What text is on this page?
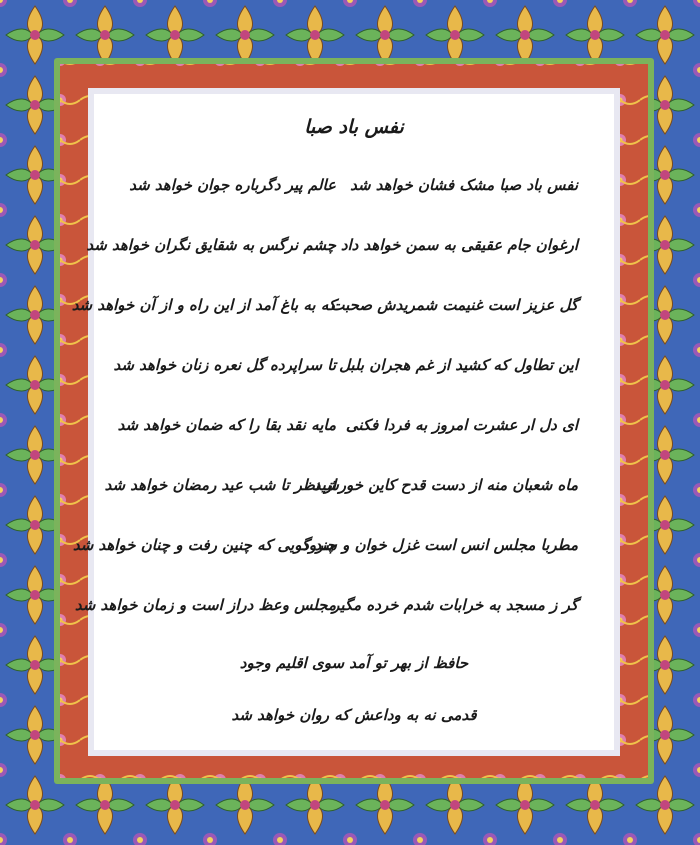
نفس باد صبا
نفس باد صبا مشک فشان خواهد شد
عالم پیر دگرباره جوان خواهد شد
ارغوان جام عقیقی به سمن خواهد داد
چشم نرگس به شقایق نگران خواهد شد
گل عزیز است غنیمت شمریدش صحبت
که به باغ آمد از این راه و از آن خواهد شد
این تطاول که کشید از غم هجران بلبل
تا سراپرده گل نعره زنان خواهد شد
ای دل ار عشرت امروز به فردا فکنی
مایه نقد بقا را که ضمان خواهد شد
ماه شعبان منه از دست قدح کاین خورشید
از نظر تا شب عید رمضان خواهد شد
مطربا مجلس انس است غزل خوان و سرود
چند گویی که چنین رفت و چنان خواهد شد
گر ز مسجد به خرابات شدم خرده مگیر
مجلس وعظ دراز است و زمان خواهد شد
حافظ از بهر تو آمد سوی اقلیم وجود
قدمی نه به وداعش که روان خواهد شد
